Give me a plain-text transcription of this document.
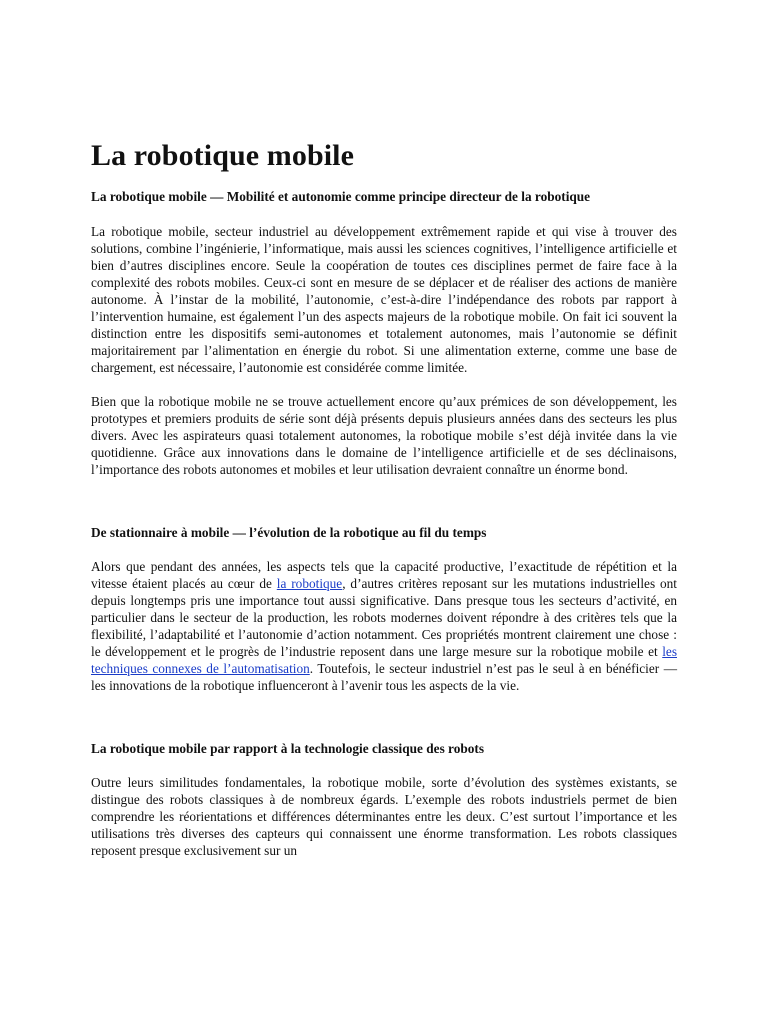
La robotique mobile
La robotique mobile — Mobilité et autonomie comme principe directeur de la robotique

La robotique mobile, secteur industriel au développement extrêmement rapide et qui vise à trouver des solutions, combine l’ingénierie, l’informatique, mais aussi les sciences cognitives, l’intelligence artificielle et bien d’autres disciplines encore. Seule la coopération de toutes ces disciplines permet de faire face à la complexité des robots mobiles. Ceux-ci sont en mesure de se déplacer et de réaliser des actions de manière autonome. À l’instar de la mobilité, l’autonomie, c’est-à-dire l’indépendance des robots par rapport à l’intervention humaine, est également l’un des aspects majeurs de la robotique mobile. On fait ici souvent la distinction entre les dispositifs semi-autonomes et totalement autonomes, mais l’autonomie se définit majoritairement par l’alimentation en énergie du robot. Si une alimentation externe, comme une base de chargement, est nécessaire, l’autonomie est considérée comme limitée.

Bien que la robotique mobile ne se trouve actuellement encore qu’aux prémices de son développement, les prototypes et premiers produits de série sont déjà présents depuis plusieurs années dans des secteurs les plus divers. Avec les aspirateurs quasi totalement autonomes, la robotique mobile s’est déjà invitée dans la vie quotidienne. Grâce aux innovations dans le domaine de l’intelligence artificielle et de ses déclinaisons, l’importance des robots autonomes et mobiles et leur utilisation devraient connaître un énorme bond.

De stationnaire à mobile — l’évolution de la robotique au fil du temps

Alors que pendant des années, les aspects tels que la capacité productive, l’exactitude de répétition et la vitesse étaient placés au cœur de la robotique, d’autres critères reposant sur les mutations industrielles ont depuis longtemps pris une importance tout aussi significative. Dans presque tous les secteurs d’activité, en particulier dans le secteur de la production, les robots modernes doivent répondre à des critères tels que la flexibilité, l’adaptabilité et l’autonomie d’action notamment. Ces propriétés montrent clairement une chose : le développement et le progrès de l’industrie reposent dans une large mesure sur la robotique mobile et les techniques connexes de l’automatisation. Toutefois, le secteur industriel n’est pas le seul à en bénéficier — les innovations de la robotique influenceront à l’avenir tous les aspects de la vie.

La robotique mobile par rapport à la technologie classique des robots

Outre leurs similitudes fondamentales, la robotique mobile, sorte d’évolution des systèmes existants, se distingue des robots classiques à de nombreux égards. L’exemple des robots industriels permet de bien comprendre les réorientations et différences déterminantes entre les deux. C’est surtout l’importance et les utilisations très diverses des capteurs qui connaissent une énorme transformation. Les robots classiques reposent presque exclusivement sur un
